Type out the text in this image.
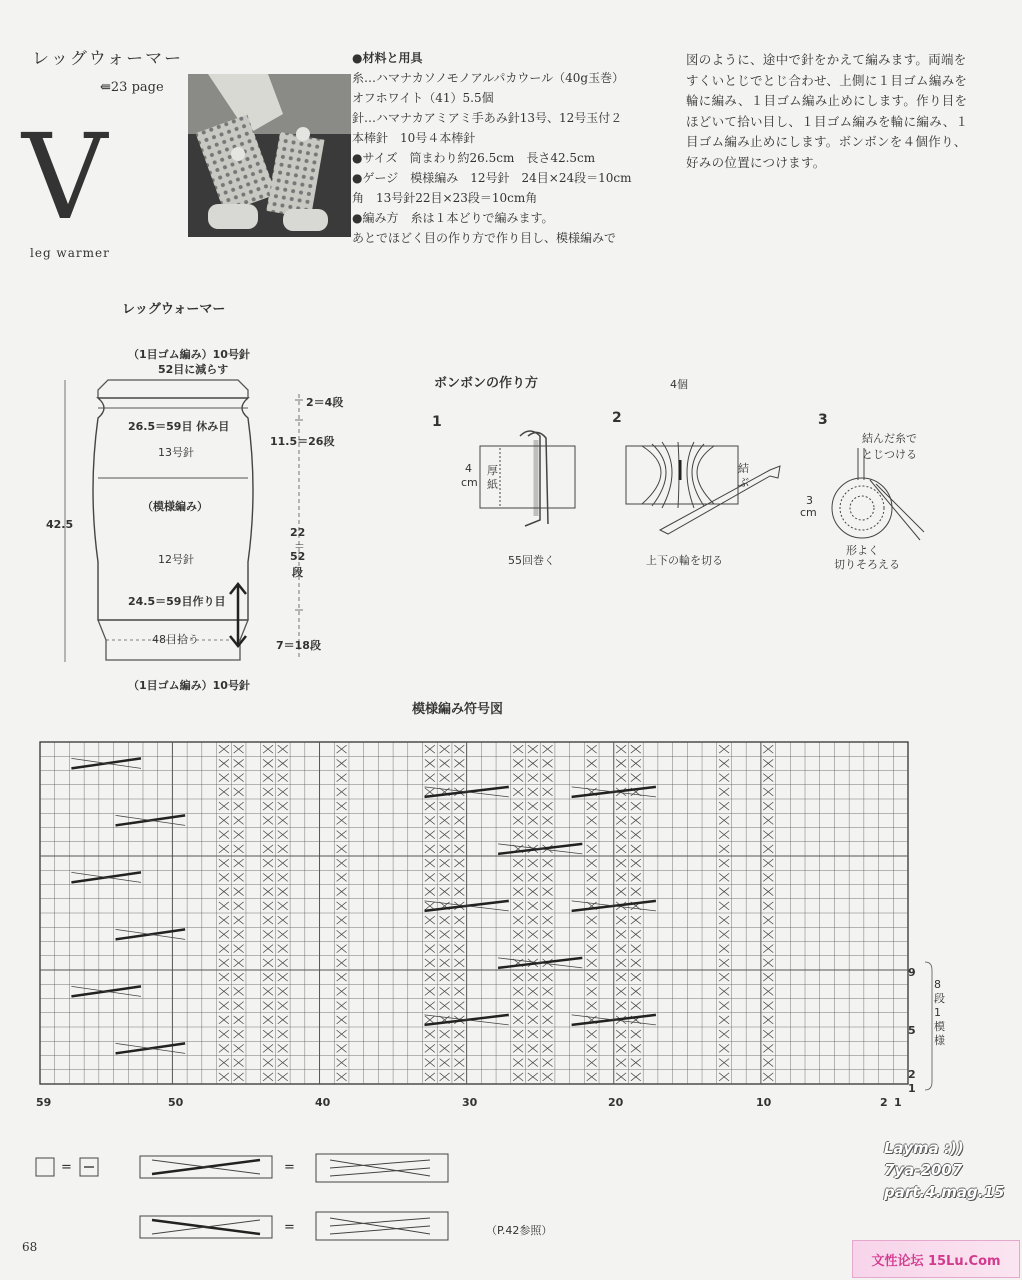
レッグウォーマー
⇚23 page
V
leg warmer
●材料と用具
糸…ハマナカソノモノアルパカウール（40g玉巻）
オフホワイト（41）5.5個
針…ハマナカアミアミ手あみ針13号、12号玉付２
本棒針　10号４本棒針
●サイズ　筒まわり約26.5cm　長さ42.5cm
●ゲージ　模様編み　12号針　24目×24段＝10cm
角　13号針22目×23段＝10cm角
●編み方　糸は１本どりで編みます。
あとでほどく目の作り方で作り目し、模様編みで
図のように、途中で針をかえて編みます。両端を
すくいとじでとじ合わせ、上側に１目ゴム編みを
輪に編み、１目ゴム編み止めにします。作り目を
ほどいて拾い目し、１目ゴム編みを輪に編み、１
目ゴム編み止めにします。ボンボンを４個作り、
好みの位置につけます。
レッグウォーマー
（1目ゴム編み）10号針
52目に減らす
26.5＝59目 休み目
13号針
（模様編み）
12号針
24.5＝59目作り目
48目拾う
（1目ゴム編み）10号針
42.5
2＝4段
11.5＝26段
22
＝
52
段
7＝18段
ボンボンの作り方	4個
1	2	3
4
cm
厚
紙
55回巻く
結
ぶ
上下の輪を切る
結んだ糸で
とじつける
3
cm
形よく
切りそろえる
模様編み符号図
59	50	40	30	20	10	2 1
9
5
2
1
8段1模様
=	=
=	（P.42参照）
68
Layma :))
7ya-2007
part.4.mag.15
文性论坛 15Lu.Com
